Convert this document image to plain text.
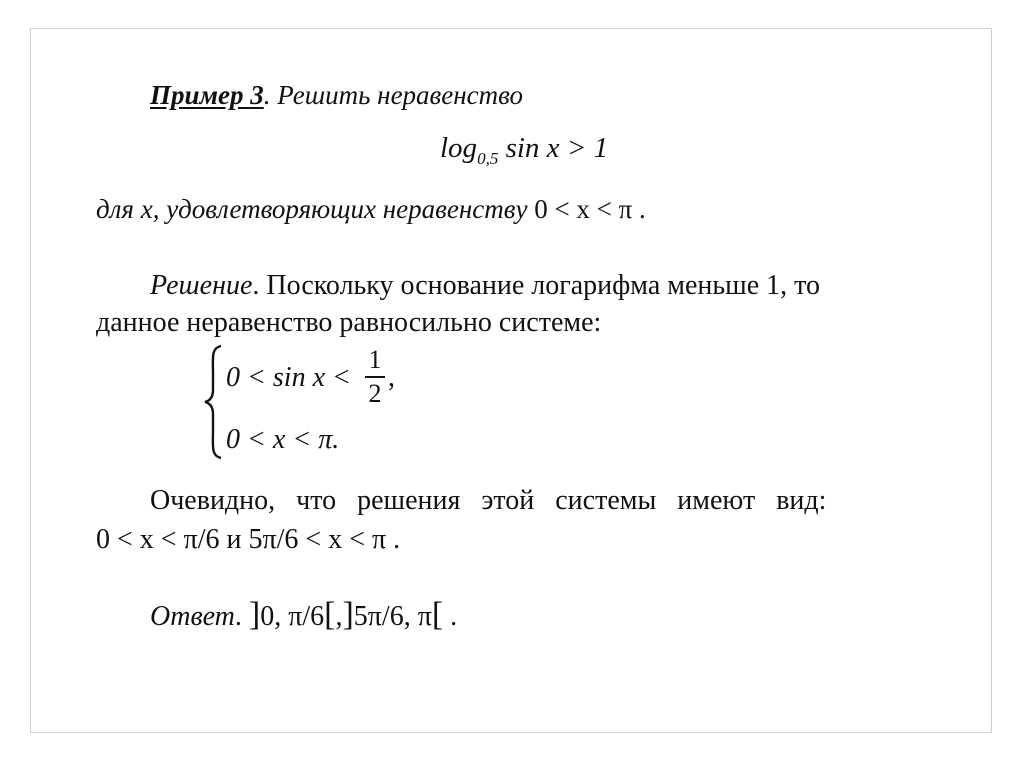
Пример 3. Решить неравенство
$\log_{0,5} \sin x > 1$
для x, удовлетворяющих неравенству 0 < x < π .
Решение. Поскольку основание логарифма меньше 1, то
данное неравенство равносильно системе:
0 < sin x <
1
2
,
0 < x < π.
Очевидно, что решения этой системы имеют вид:
0 < x < π/6 и 5π/6 < x < π .
Ответ. ]0, π/6[,]5π/6, π[ .
